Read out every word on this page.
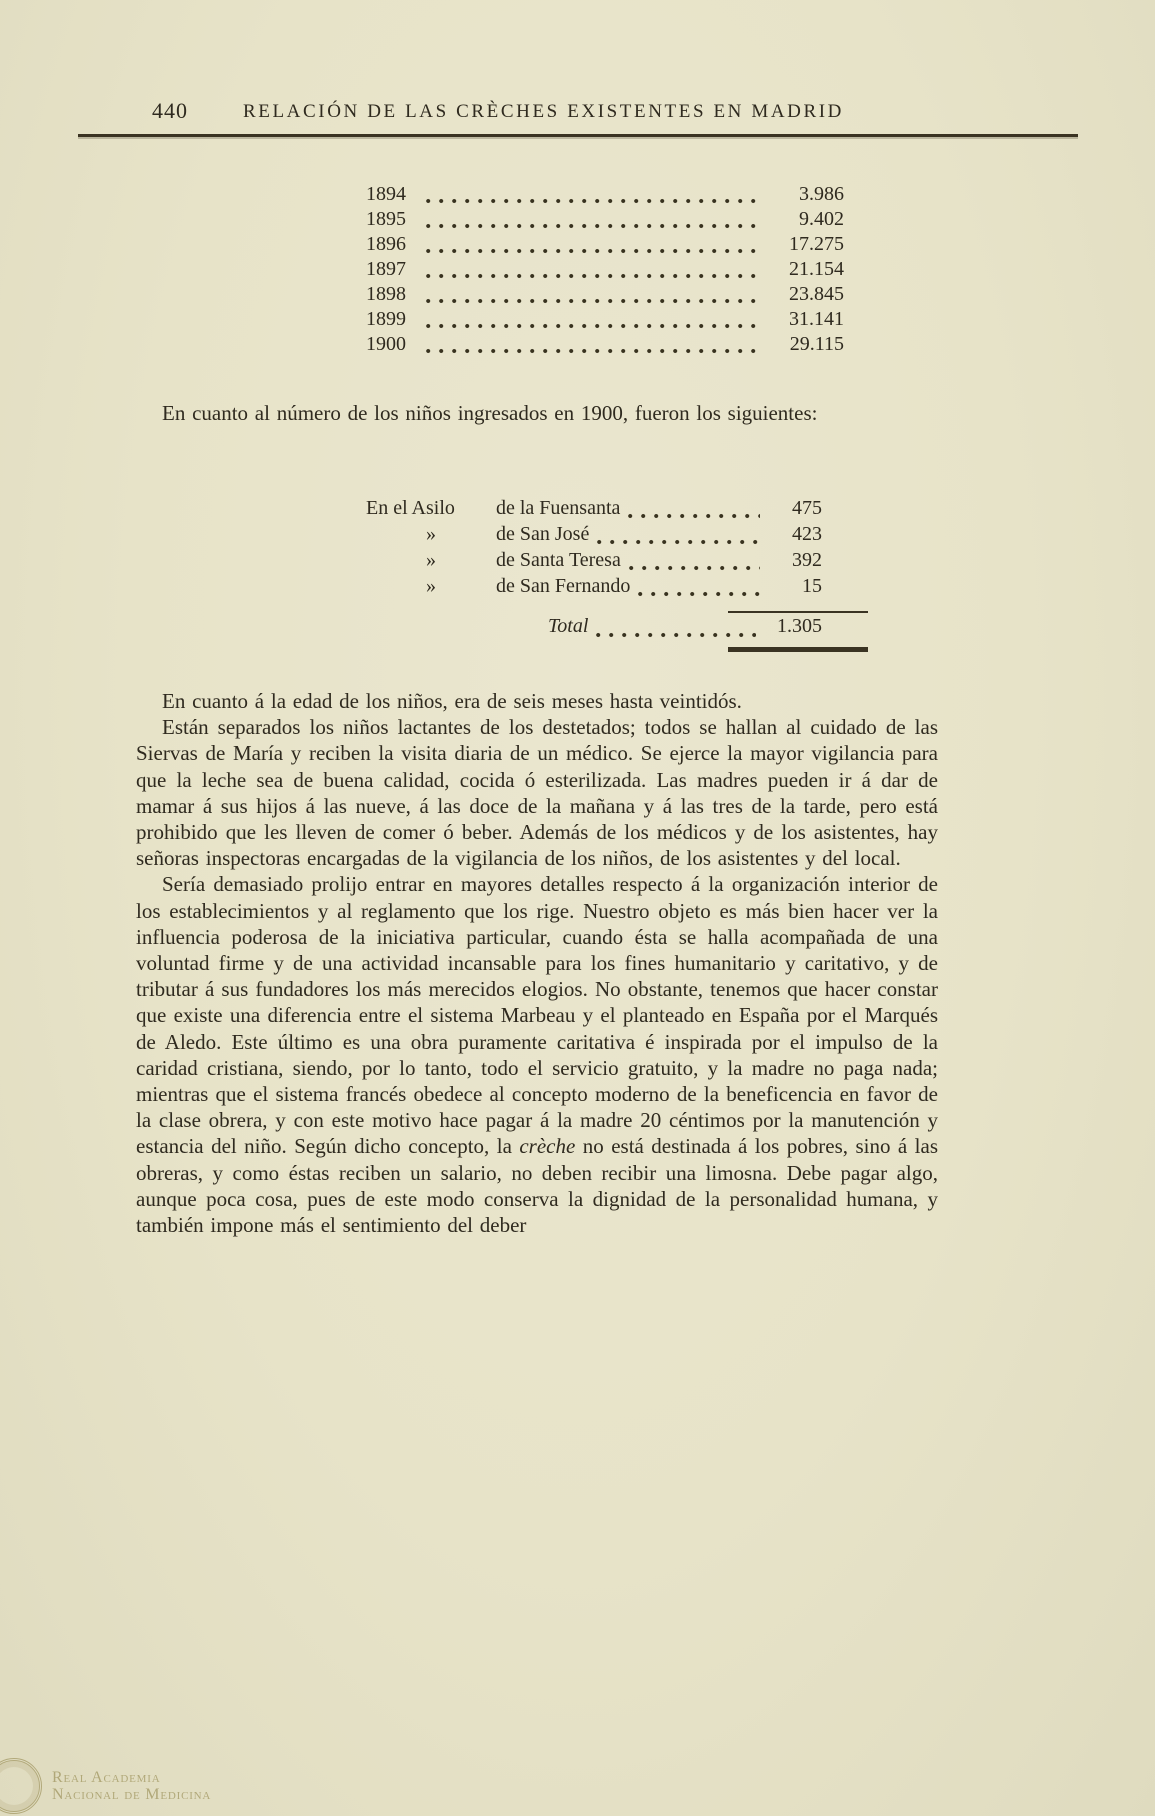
440	RELACIÓN DE LAS CRÈCHES EXISTENTES EN MADRID
1894	3.986
1895	9.402
1896	17.275
1897	21.154
1898	23.845
1899	31.141
1900	29.115

En cuanto al número de los niños ingresados en 1900, fueron los siguientes:

En el Asilo	de la Fuensanta	475
»	de San José	423
»	de Santa Teresa	392
»	de San Fernando	15
Total	1.305

En cuanto á la edad de los niños, era de seis meses hasta veintidós.

Están separados los niños lactantes de los destetados; todos se hallan al cuidado de las Siervas de María y reciben la visita diaria de un médico. Se ejerce la mayor vigilancia para que la leche sea de buena calidad, cocida ó esterilizada. Las madres pueden ir á dar de mamar á sus hijos á las nueve, á las doce de la mañana y á las tres de la tarde, pero está prohibido que les lleven de comer ó beber. Además de los médicos y de los asistentes, hay señoras inspectoras encargadas de la vigilancia de los niños, de los asistentes y del local.

Sería demasiado prolijo entrar en mayores detalles respecto á la organización interior de los establecimientos y al reglamento que los rige. Nuestro objeto es más bien hacer ver la influencia poderosa de la iniciativa particular, cuando ésta se halla acompañada de una voluntad firme y de una actividad incansable para los fines humanitario y caritativo, y de tributar á sus fundadores los más merecidos elogios. No obstante, tenemos que hacer constar que existe una diferencia entre el sistema Marbeau y el planteado en España por el Marqués de Aledo. Este último es una obra puramente caritativa é inspirada por el impulso de la caridad cristiana, siendo, por lo tanto, todo el servicio gratuito, y la madre no paga nada; mientras que el sistema francés obedece al concepto moderno de la beneficencia en favor de la clase obrera, y con este motivo hace pagar á la madre 20 céntimos por la manutención y estancia del niño. Según dicho concepto, la crèche no está destinada á los pobres, sino á las obreras, y como éstas reciben un salario, no deben recibir una limosna. Debe pagar algo, aunque poca cosa, pues de este modo conserva la dignidad de la personalidad humana, y también impone más el sentimiento del deber

Real Academia
Nacional de Medicina
